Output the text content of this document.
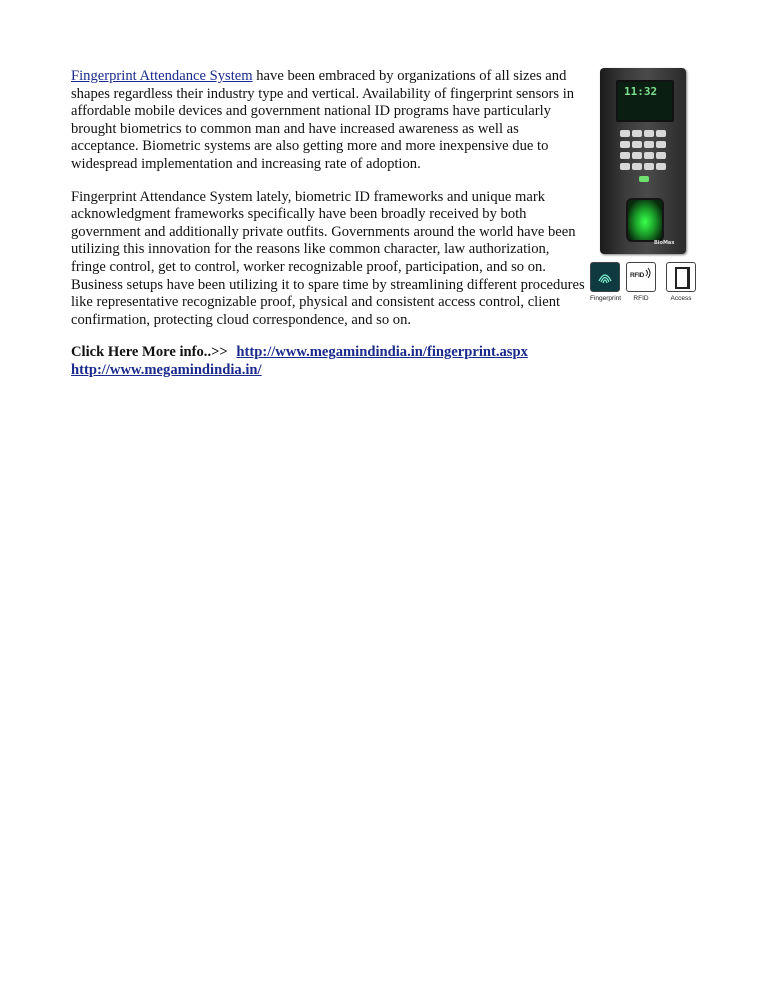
Fingerprint Attendance System have been embraced by organizations of all sizes and shapes regardless their industry type and vertical. Availability of fingerprint sensors in affordable mobile devices and government national ID programs have particularly brought biometrics to common man and have increased awareness as well as acceptance. Biometric systems are also getting more and more inexpensive due to widespread implementation and increasing rate of adoption.

Fingerprint Attendance System lately, biometric ID frameworks and unique mark acknowledgment frameworks specifically have been broadly received by both government and additionally private outfits. Governments around the world have been utilizing this innovation for the reasons like common character, law authorization, fringe control, get to control, worker recognizable proof, participation, and so on. Business setups have been utilizing it to spare time by streamlining different procedures like representative recognizable proof, physical and consistent access control, client confirmation, protecting cloud correspondence, and so on.

Click Here More info..>> http://www.megamindindia.in/fingerprint.aspx
http://www.megamindindia.in/
11:32
BioMax
Fingerprint
RFID
RFID	Access
